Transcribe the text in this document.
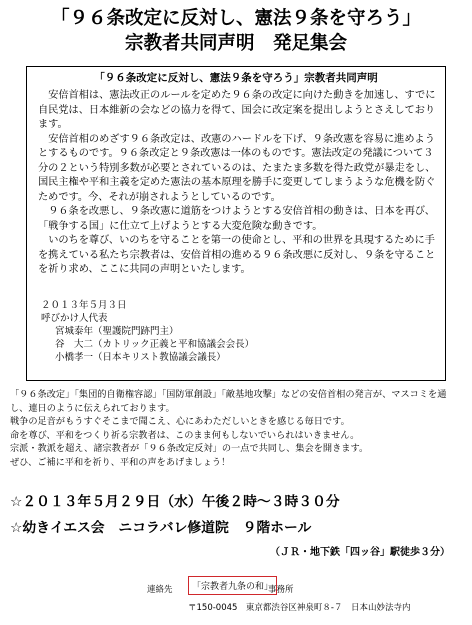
「９６条改定に反対し、憲法９条を守ろう」
宗教者共同声明　発足集会
「９６条改定に反対し、憲法９条を守ろう」宗教者共同声明

安倍首相は、憲法改正のルールを定めた９６条の改定に向けた動きを加速し、すでに自民党は、日本維新の会などの協力を得て、国会に改定案を提出しようとさえしております。

安倍首相のめざす９６条改定は、改憲のハードルを下げ、９条改憲を容易に進めようとするものです。９６条改定と９条改憲は一体のものです。憲法改定の発議について３分の２という特別多数が必要とされているのは、たまたま多数を得た政党が暴走をし、国民主権や平和主義を定めた憲法の基本原理を勝手に変更してしまうような危機を防ぐためです。今、それが崩されようとしているのです。

９６条を改悪し、９条改憲に道筋をつけようとする安倍首相の動きは、日本を再び、「戦争する国」に仕立て上げようとする大変危険な動きです。

いのちを尊び、いのちを守ることを第一の使命とし、平和の世界を具現するために手を携えている私たち宗教者は、安倍首相の進める９６条改悪に反対し、９条を守ることを祈り求め、ここに共同の声明といたします。

２０１３年５月３日
呼びかけ人代表
宮城泰年（聖護院門跡門主）
谷　大二（カトリック正義と平和協議会会長）
小橋孝一（日本キリスト教協議会議長）
「９６条改定」「集団的自衛権容認」「国防軍創設」「敵基地攻撃」などの安倍首相の発言が、マスコミを通
し、連日のように伝えられております。
戦争の足音がもうすぐそこまで聞こえ、心にあわただしいときを感じる毎日です。
命を尊び、平和をつくり祈る宗教者は、このまま何もしないでいられはいきません。
宗派・教派を超え、諸宗教者が「９６条改定反対」の一点で共同し、集会を開きます。
ぜひ、ご補に平和を祈り、平和の声をあげましょう！
☆２０１３年５月２９日（水）午後２時～３時３０分
☆幼きイエス会　ニコラバレ修道院　９階ホール
（ＪＲ・地下鉄「四ッ谷」駅徒歩３分）
連絡先	「宗教者九条の和」
事務所
〒150-0045　東京都渋谷区神泉町８-７　日本山妙法寺内
